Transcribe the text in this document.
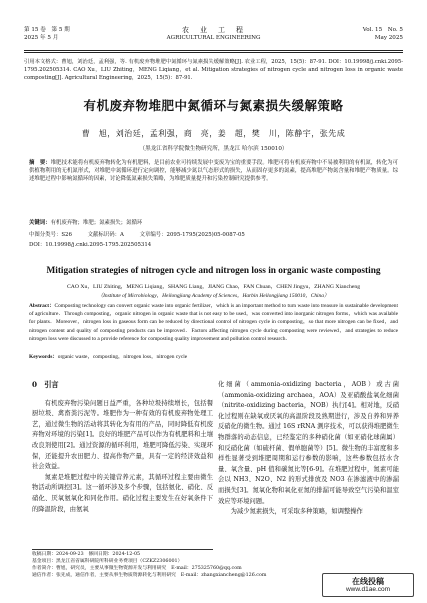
第 15 卷　第 5 期
2025 年 5 月
农　业　工　程
AGRICULTURAL ENGINEERING
Vol. 15　No. 5
May 2025
引用本文格式：曹旭，刘治廷，孟利强，等. 有机废弃物堆肥中氮循环与氮素损失缓解策略[J]. 农业工程，2025，15(5)：87-91. DOI：10.19998/j.cnki.2095-1795.202505314. CAO Xu，LIU Zhiting，MENG Liqiang，et al. Mitigation strategies of nitrogen cycle and nitrogen loss in organic waste composting[J]. Agricultural Engineering，2025，15(5)：87-91.
有机废弃物堆肥中氮循环与氮素损失缓解策略
曹　旭，刘治廷，孟利强，商　亮，姜　超，樊　川，陈静宇，张先成
（黑龙江省科学院微生物研究所，黑龙江 哈尔滨 150010）
摘　要：堆肥技术能将有机废弃物转化为有机肥料，是目前农业可持续发展中变废为宝的重要手段。堆肥可将有机废弃物中不易被利用的有机氮，转化为可供植物利用的无机氮形式，对堆肥中氮循环进行定向调控，能够减少氮以气态形式的损失，从而固存更多的氮素，提高堆肥产物氮含量和堆肥产物质量。综述堆肥过程中影响氮循环的因素，讨论降低氮素损失策略，为堆肥质量提升和污染控制研究提供参考。
关键词：有机废弃物；堆肥；氮素损失；氮循环
中图分类号：S26	文献标识码：A	文章编号：2095-1795(2025)05-0087-05
DOI：10.19998/j.cnki.2095-1795.202505314
Mitigation strategies of nitrogen cycle and nitrogen loss in organic waste composting
CAO Xu，LIU Zhiting，MENG Liqiang，SHANG Liang，JIANG Chao，FAN Chuan，CHEN Jingyu，ZHANG Xiancheng
（Institute of Microbiology，Heilongjiang Academy of Sciences，Harbin Heilongjiang 150010，China）
Abstract：Composting technology can convert organic waste into organic fertilizer，which is an important method to turn waste into treasure in sustainable development of agriculture．Through composting，organic nitrogen in organic waste that is not easy to be used，was converted into inorganic nitrogen forms，which was available for plants．Moreover，nitrogen loss in gaseous form can be reduced by directional control of nitrogen cycle in composting，so that more nitrogen can be fixed，and nitrogen content and quality of composting products can be improved．Factors affecting nitrogen cycle during composting were reviewed，and strategies to reduce nitrogen loss were discussed to a provide reference for composting quality improvement and pollution control research．
Keywords：organic waste，composting，nitrogen loss，nitrogen cycle
0　引言

有机废弃物污染问题日益严重，各种垃圾持续增长，包括餐厨垃圾、禽畜粪污泥等。堆肥作为一种有效的有机废弃物处理工艺，通过微生物的活动将其转化为有用的产品，同时降低有机废弃物对环境的污染[1]。良好的堆肥产品可以作为有机肥料和土壤改良剂使用[2]。通过资源的循环利用，堆肥可降低污染、实现环保，还能提升农田肥力、提高作物产量，具有一定的经济效益和社会效益。

氮素是堆肥过程中的关键营养元素，其循环过程主要由微生物活动所调控[3]。这一循环涉及多个步骤，包括氨化、硝化、反硝化、厌氧氨氧化和同化作用。硝化过程主要发生在好氧条件下的降温阶段，由氨氧

化细菌（ammonia-oxidizing bacteria，AOB）或古菌（ammonia-oxidizing archaea，AOA）及亚硝酸盐氧化细菌（nitrite-oxidizing bacteria，NOB）执行[4]。相对地，反硝化过程则在缺氧或厌氧的高温阶段及熟期进行，涉及自养和异养反硝化的微生物。通过 16S rRNA 测序技术，可以获得堆肥微生物群落的动态信息，已经鉴定的多种硝化菌（如亚硝化球菌属）和反硝化菌（如硫杆菌、假单胞菌等）[5]。微生物的丰富度和多样性显著受到堆肥周期和运行参数的影响，这些参数包括水含量、氧含量、pH 值和碳氮比等[6-9]。在堆肥过程中，氮素可能会以 NH3、N2O、N2 的形式排放及 NO3 在渗滤液中的渗漏而损失[3]。氮氧化物和氧化亚氮的排漏可能导致空气污染和温室效应等环境问题。

为减少氮素损失，可采取多种策略，如调整操作

收稿日期：2024-09-23　修回日期：2024-12-05
基金项目：黑龙江省省属科研院所科研业务费项目（CZKZ2306001）
作者简介：曹旭，研究员，主要从事微生物资源开发与利用研究　E-mail：275325760@qq.com
通信作者：张先成，通信作者，主要从事生物质资源转化与利用研究　E-mail：zhangxiancheng@126.com
在线投稿
www.d1ae.com
